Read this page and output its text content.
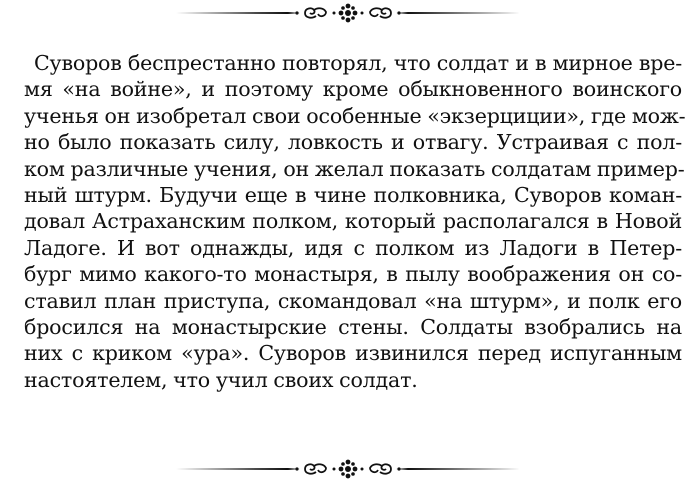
Суворов беспрестанно повторял, что солдат и в мирное вре-
мя «на войне», и поэтому кроме обыкновенного воинского
ученья он изобретал свои особенные «экзерциции», где мож-
но было показать силу, ловкость и отвагу. Устраивая с пол-
ком различные учения, он желал показать солдатам пример-
ный штурм. Будучи еще в чине полковника, Суворов коман-
довал Астраханским полком, который располагался в Новой
Ладоге. И вот однажды, идя с полком из Ладоги в Петер-
бург мимо какого-то монастыря, в пылу воображения он со-
ставил план приступа, скомандовал «на штурм», и полк его
бросился на монастырские стены. Солдаты взобрались на
них с криком «ура». Суворов извинился перед испуганным
настоятелем, что учил своих солдат.
